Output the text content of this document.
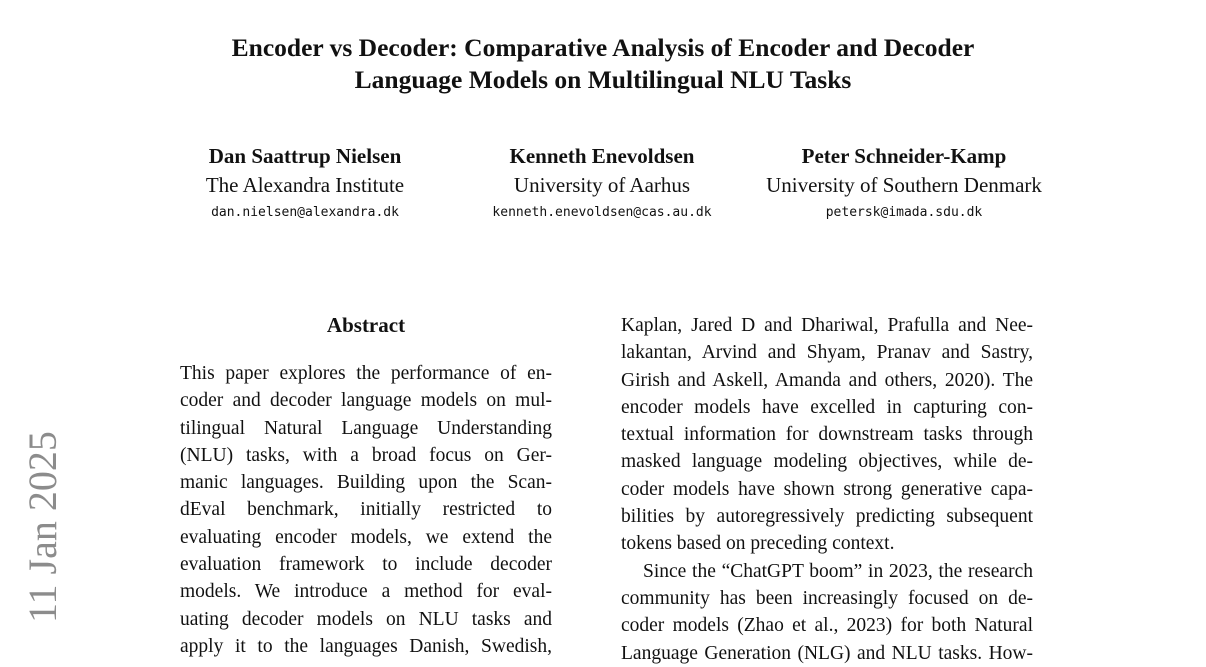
11 Jan 2025
Encoder vs Decoder: Comparative Analysis of Encoder and Decoder
Language Models on Multilingual NLU Tasks
Dan Saattrup Nielsen
The Alexandra Institute
dan.nielsen@alexandra.dk
Kenneth Enevoldsen
University of Aarhus
kenneth.enevoldsen@cas.au.dk
Peter Schneider-Kamp
University of Southern Denmark
petersk@imada.sdu.dk
Abstract
This paper explores the performance of en-
coder and decoder language models on mul-
tilingual Natural Language Understanding
(NLU) tasks, with a broad focus on Ger-
manic languages. Building upon the Scan-
dEval benchmark, initially restricted to
evaluating encoder models, we extend the
evaluation framework to include decoder
models. We introduce a method for eval-
uating decoder models on NLU tasks and
apply it to the languages Danish, Swedish,
Kaplan, Jared D and Dhariwal, Prafulla and Nee-
lakantan, Arvind and Shyam, Pranav and Sastry,
Girish and Askell, Amanda and others, 2020). The
encoder models have excelled in capturing con-
textual information for downstream tasks through
masked language modeling objectives, while de-
coder models have shown strong generative capa-
bilities by autoregressively predicting subsequent
tokens based on preceding context.
Since the “ChatGPT boom” in 2023, the research
community has been increasingly focused on de-
coder models (Zhao et al., 2023) for both Natural
Language Generation (NLG) and NLU tasks. How-
